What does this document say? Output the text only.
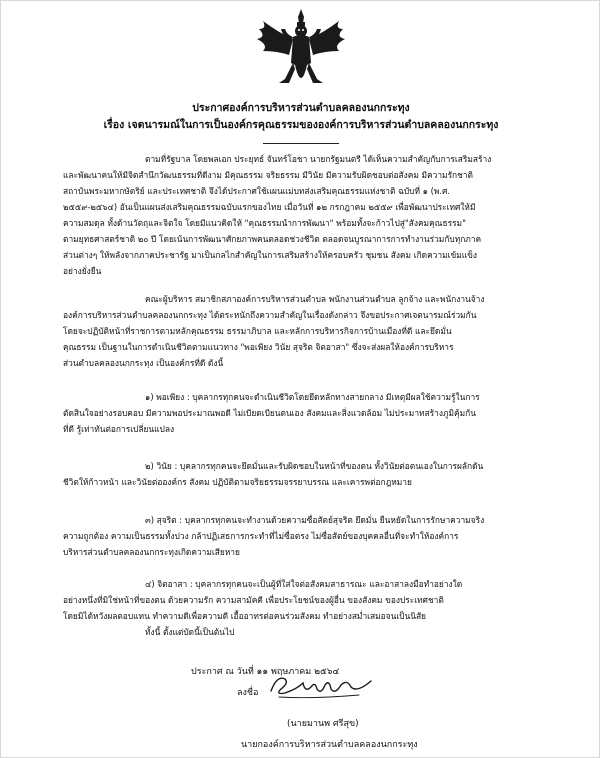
ประกาศองค์การบริหารส่วนตำบลคลองนกกระทุง
เรื่อง เจตนารมณ์ในการเป็นองค์กรคุณธรรมขององค์การบริหารส่วนตำบลคลองนกกระทุง
ตามที่รัฐบาล โดยพลเอก ประยุทธ์ จันทร์โอชา นายกรัฐมนตรี ได้เห็นความสำคัญกับการเสริมสร้าง
และพัฒนาคนให้มีจิตสำนึกวัฒนธรรมที่ดีงาม มีคุณธรรม จริยธรรม มีวินัย มีความรับผิดชอบต่อสังคม มีความรักชาติ
สถาบันพระมหากษัตริย์ และประเทศชาติ จึงได้ประกาศใช้แผนแม่บทส่งเสริมคุณธรรมแห่งชาติ ฉบับที่ ๑ (พ.ศ.
๒๕๕๙-๒๕๖๔) อันเป็นแผนส่งเสริมคุณธรรมฉบับแรกของไทย เมื่อวันที่ ๑๒ กรกฎาคม ๒๕๕๙ เพื่อพัฒนาประเทศให้มี
ความสมดุล ทั้งด้านวัตถุและจิตใจ โดยมีแนวคิดให้ "คุณธรรมนำการพัฒนา" พร้อมทั้งจะก้าวไปสู่"สังคมคุณธรรม"
ตามยุทธศาสตร์ชาติ ๒๐ ปี โดยเน้นการพัฒนาศักยภาพคนตลอดช่วงชีวิต ตลอดจนบูรณาการการทำงานร่วมกับทุกภาค
ส่วนต่างๆ ให้พลังจากภาคประชารัฐ มาเป็นกลไกสำคัญในการเสริมสร้างให้ครอบครัว ชุมชน สังคม เกิดความเข้มแข็ง
อย่างยั่งยืน
คณะผู้บริหาร สมาชิกสภาองค์การบริหารส่วนตำบล พนักงานส่วนตำบล ลูกจ้าง และพนักงานจ้าง
องค์การบริหารส่วนตำบลคลองนกกระทุง ได้ตระหนักถึงความสำคัญในเรื่องดังกล่าว จึงขอประกาศเจตนารมณ์ร่วมกัน
โดยจะปฏิบัติหน้าที่ราชการตามหลักคุณธรรม ธรรมาภิบาล และหลักการบริหารกิจการบ้านเมืองที่ดี และยึดมั่น
คุณธรรม เป็นฐานในการดำเนินชีวิตตามแนวทาง "พอเพียง วินัย สุจริต จิตอาสา" ซึ่งจะส่งผลให้องค์การบริหาร
ส่วนตำบลคลองนกกระทุง เป็นองค์กรที่ดี ดังนี้
๑) พอเพียง : บุคลากรทุกคนจะดำเนินชีวิตโดยยึดหลักทางสายกลาง มีเหตุมีผลใช้ความรู้ในการ
ตัดสินใจอย่างรอบคอบ มีความพอประมาณพอดี ไม่เบียดเบียนตนเอง สังคมและสิ่งแวดล้อม ไม่ประมาทสร้างภูมิคุ้มกัน
ที่ดี รู้เท่าทันต่อการเปลี่ยนแปลง
๒) วินัย : บุคลากรทุกคนจะยึดมั่นและรับผิดชอบในหน้าที่ของตน ทั้งวินัยต่อตนเองในการผลักดัน
ชีวิตให้ก้าวหน้า และวินัยต่อองค์กร สังคม ปฏิบัติตามจริยธรรมจรรยาบรรณ และเคารพต่อกฎหมาย
๓) สุจริต : บุคลากรทุกคนจะทำงานด้วยความซื่อสัตย์สุจริต ยึดมั่น ยืนหยัดในการรักษาความจริง
ความถูกต้อง ความเป็นธรรมทั้งปวง กล้าปฏิเสธการกระทำที่ไม่ซื่อตรง ไม่ซื่อสัตย์ของบุคคลอื่นที่จะทำให้องค์การ
บริหารส่วนตำบลคลองนกกระทุงเกิดความเสียหาย
๔) จิตอาสา : บุคลากรทุกคนจะเป็นผู้ที่ใส่ใจต่อสังคมสาธารณะ และอาสาลงมือทำอย่างใด
อย่างหนึ่งที่มิใช่หน้าที่ของตน ด้วยความรัก ความสามัคคี เพื่อประโยชน์ของผู้อื่น ของสังคม ของประเทศชาติ
โดยมิได้หวังผลตอบแทน ทำความดีเพื่อความดี เอื้ออาทรต่อคนร่วมสังคม ทำอย่างสม่ำเสมอจนเป็นนิสัย
ทั้งนี้ ตั้งแต่บัดนี้เป็นต้นไป
ประกาศ ณ วันที่ ๑๑ พฤษภาคม ๒๕๖๔
ลงชื่อ
(นายมานพ ศรีสุข)
นายกองค์การบริหารส่วนตำบลคลองนกกระทุง
